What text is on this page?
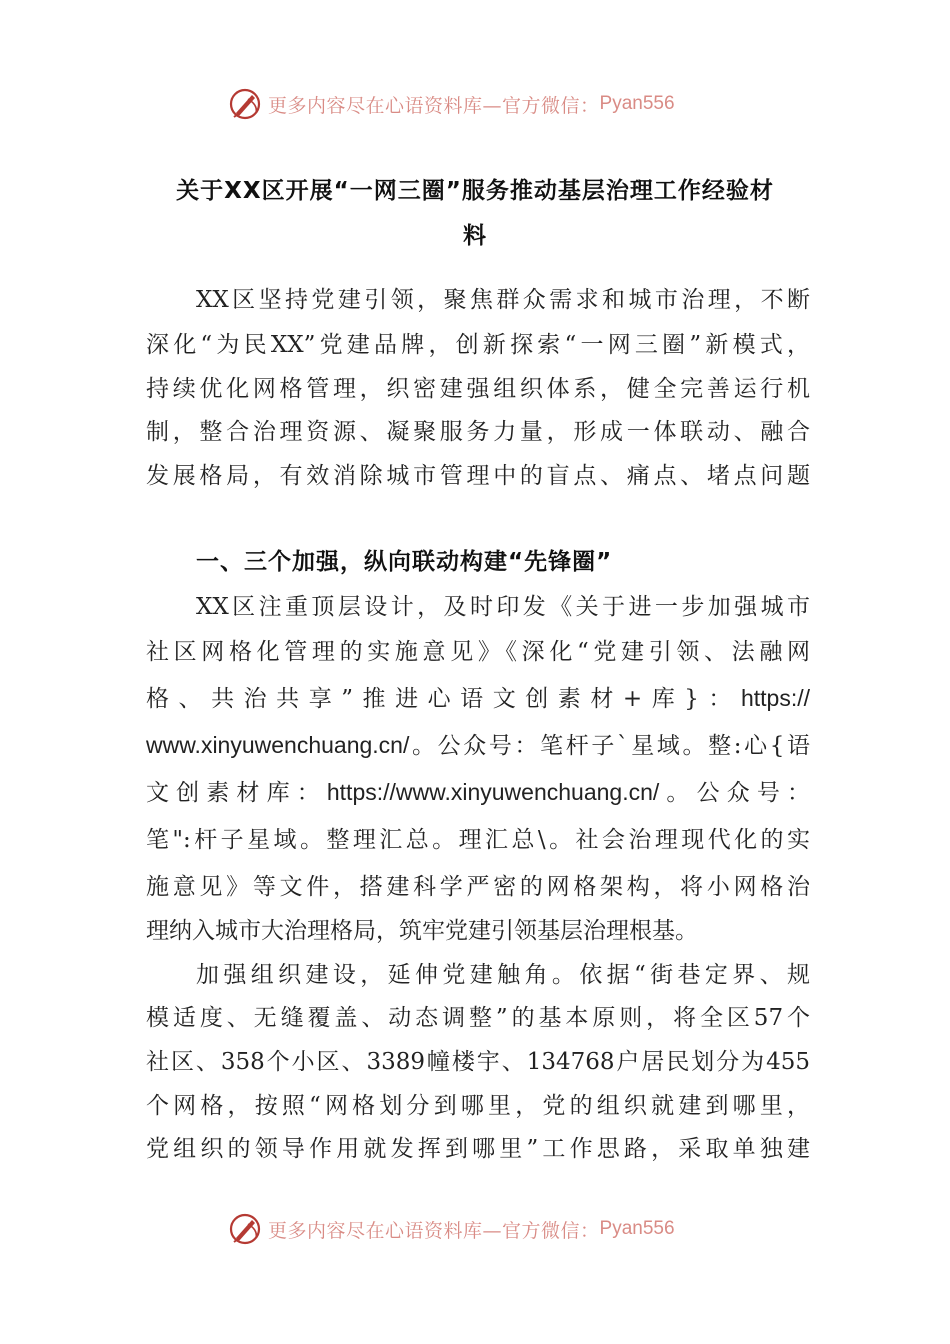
更多内容尽在心语资料库—官方微信： Pyan556
关于XX区开展“一网三圈”服务推动基层治理工作经验材
料
XX区坚持党建引领，聚焦群众需求和城市治理，不断
深化“为民XX”党建品牌，创新探索“一网三圈”新模式，
持续优化网格管理，织密建强组织体系，健全完善运行机
制，整合治理资源、凝聚服务力量，形成一体联动、融合
发展格局，有效消除城市管理中的盲点、痛点、堵点问题
一、三个加强，纵向联动构建“先锋圈”
XX区注重顶层设计，及时印发《关于进一步加强城市
社区网格化管理的实施意见》《深化“党建引领、法融网
格、共治共享”推进心语文创素材+库}：https://
www.xinyuwenchuang.cn/。公众号：笔杆子`星域。整:心{语
文创素材库：https://www.xinyuwenchuang.cn/。公众号：
笔":杆子星域。整理汇总。理汇总\。社会治理现代化的实
施意见》等文件，搭建科学严密的网格架构，将小网格治
理纳入城市大治理格局，筑牢党建引领基层治理根基。
加强组织建设，延伸党建触角。依据“街巷定界、规
模适度、无缝覆盖、动态调整”的基本原则，将全区57个
社区、358个小区、3389幢楼宇、134768户居民划分为455
个网格，按照“网格划分到哪里，党的组织就建到哪里，
党组织的领导作用就发挥到哪里”工作思路，采取单独建
更多内容尽在心语资料库—官方微信： Pyan556
